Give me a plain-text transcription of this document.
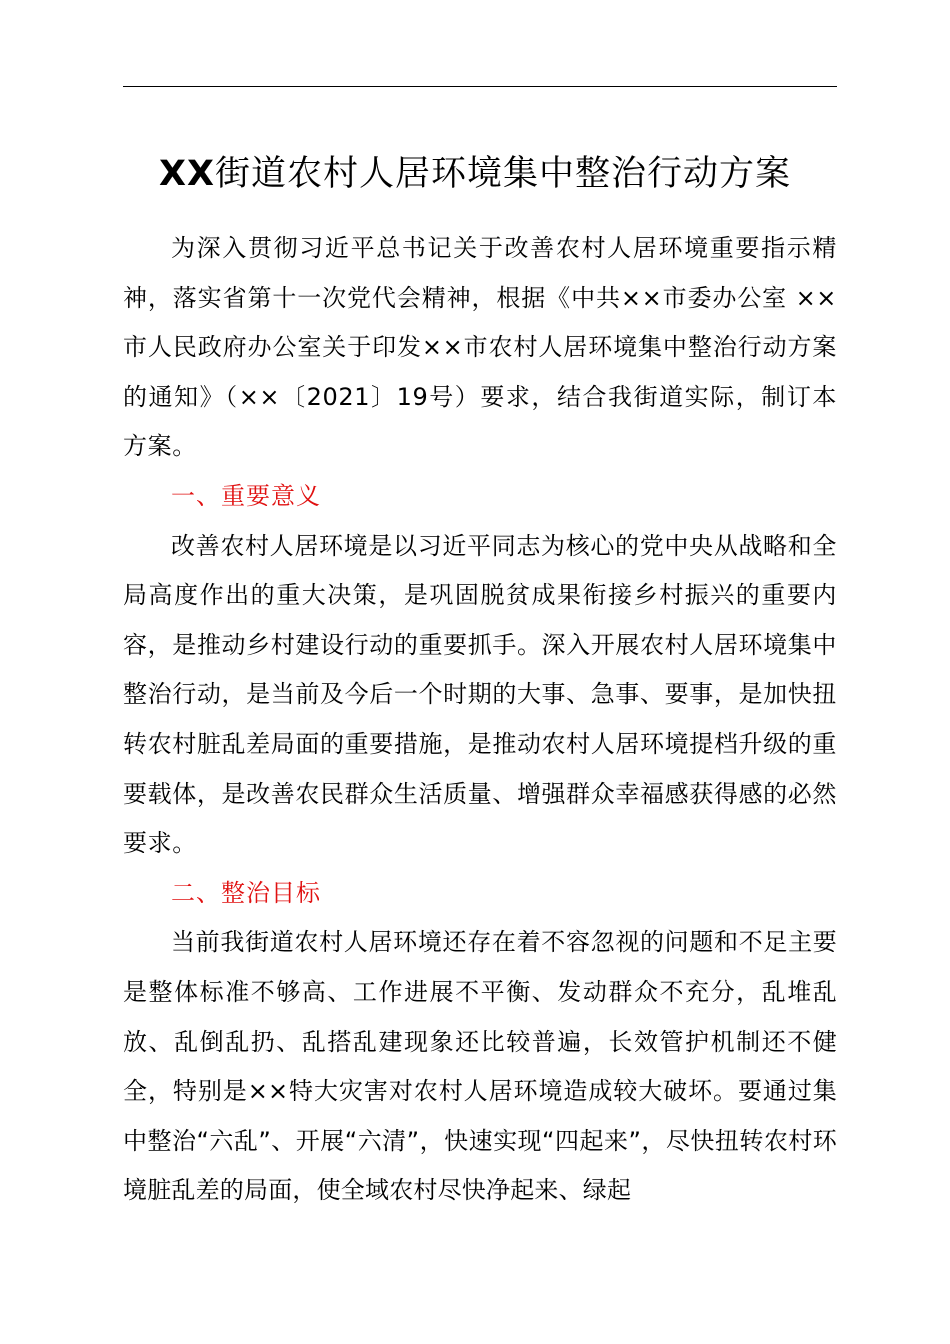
XX街道农村人居环境集中整治行动方案

为深入贯彻习近平总书记关于改善农村人居环境重要指示精神，落实省第十一次党代会精神，根据《中共××市委办公室 ××市人民政府办公室关于印发××市农村人居环境集中整治行动方案的通知》（××〔2021〕19号）要求，结合我街道实际，制订本方案。

一、重要意义

改善农村人居环境是以习近平同志为核心的党中央从战略和全局高度作出的重大决策，是巩固脱贫成果衔接乡村振兴的重要内容，是推动乡村建设行动的重要抓手。深入开展农村人居环境集中整治行动，是当前及今后一个时期的大事、急事、要事，是加快扭转农村脏乱差局面的重要措施，是推动农村人居环境提档升级的重要载体，是改善农民群众生活质量、增强群众幸福感获得感的必然要求。

二、整治目标

当前我街道农村人居环境还存在着不容忽视的问题和不足主要是整体标准不够高、工作进展不平衡、发动群众不充分，乱堆乱放、乱倒乱扔、乱搭乱建现象还比较普遍，长效管护机制还不健全，特别是××特大灾害对农村人居环境造成较大破坏。要通过集中整治“六乱”、开展“六清”，快速实现“四起来”，尽快扭转农村环境脏乱差的局面，使全域农村尽快净起来、绿起
